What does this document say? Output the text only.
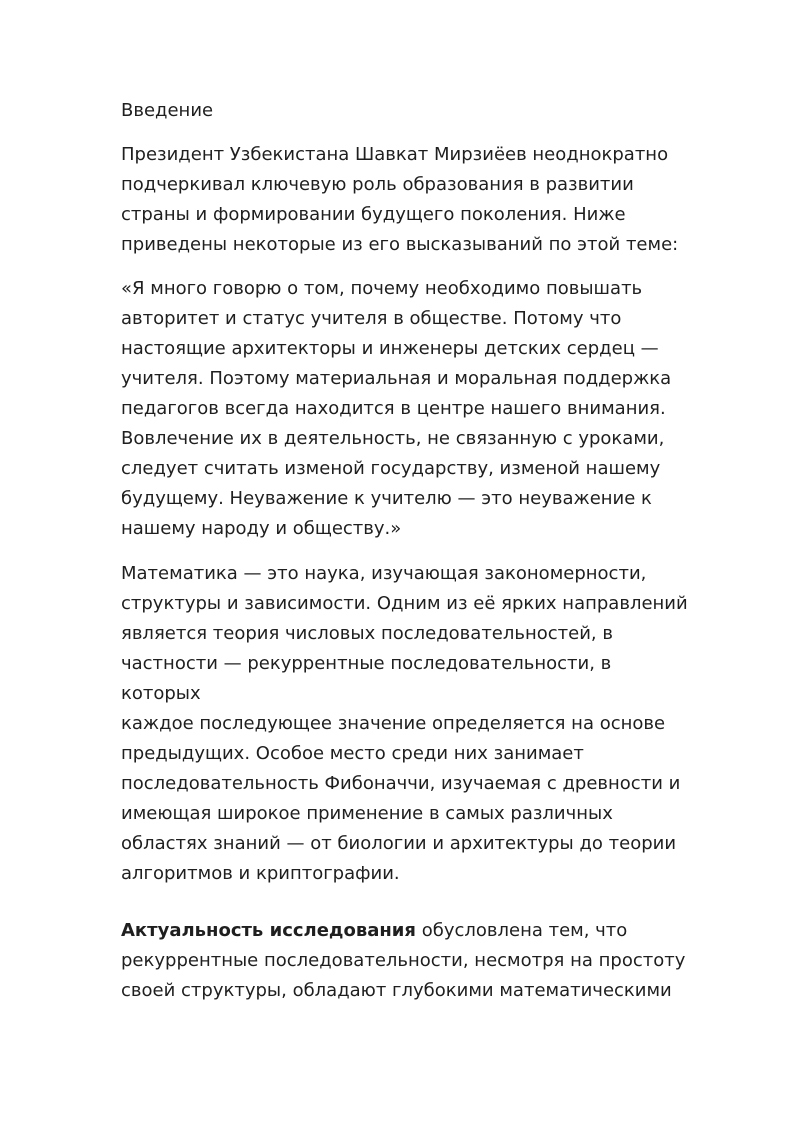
Введение

Президент Узбекистана Шавкат Мирзиёев неоднократно
подчеркивал ключевую роль образования в развитии
страны и формировании будущего поколения. Ниже
приведены некоторые из его высказываний по этой теме:

«Я много говорю о том, почему необходимо повышать
авторитет и статус учителя в обществе. Потому что
настоящие архитекторы и инженеры детских сердец —
учителя. Поэтому материальная и моральная поддержка
педагогов всегда находится в центре нашего внимания.
Вовлечение их в деятельность, не связанную с уроками,
следует считать изменой государству, изменой нашему
будущему. Неуважение к учителю — это неуважение к
нашему народу и обществу.»

Математика — это наука, изучающая закономерности,
структуры и зависимости. Одним из её ярких направлений
является теория числовых последовательностей, в
частности — рекуррентные последовательности, в которых
каждое последующее значение определяется на основе
предыдущих. Особое место среди них занимает
последовательность Фибоначчи, изучаемая с древности и
имеющая широкое применение в самых различных
областях знаний — от биологии и архитектуры до теории
алгоритмов и криптографии.

Актуальность исследования обусловлена тем, что
рекуррентные последовательности, несмотря на простоту
своей структуры, обладают глубокими математическими
